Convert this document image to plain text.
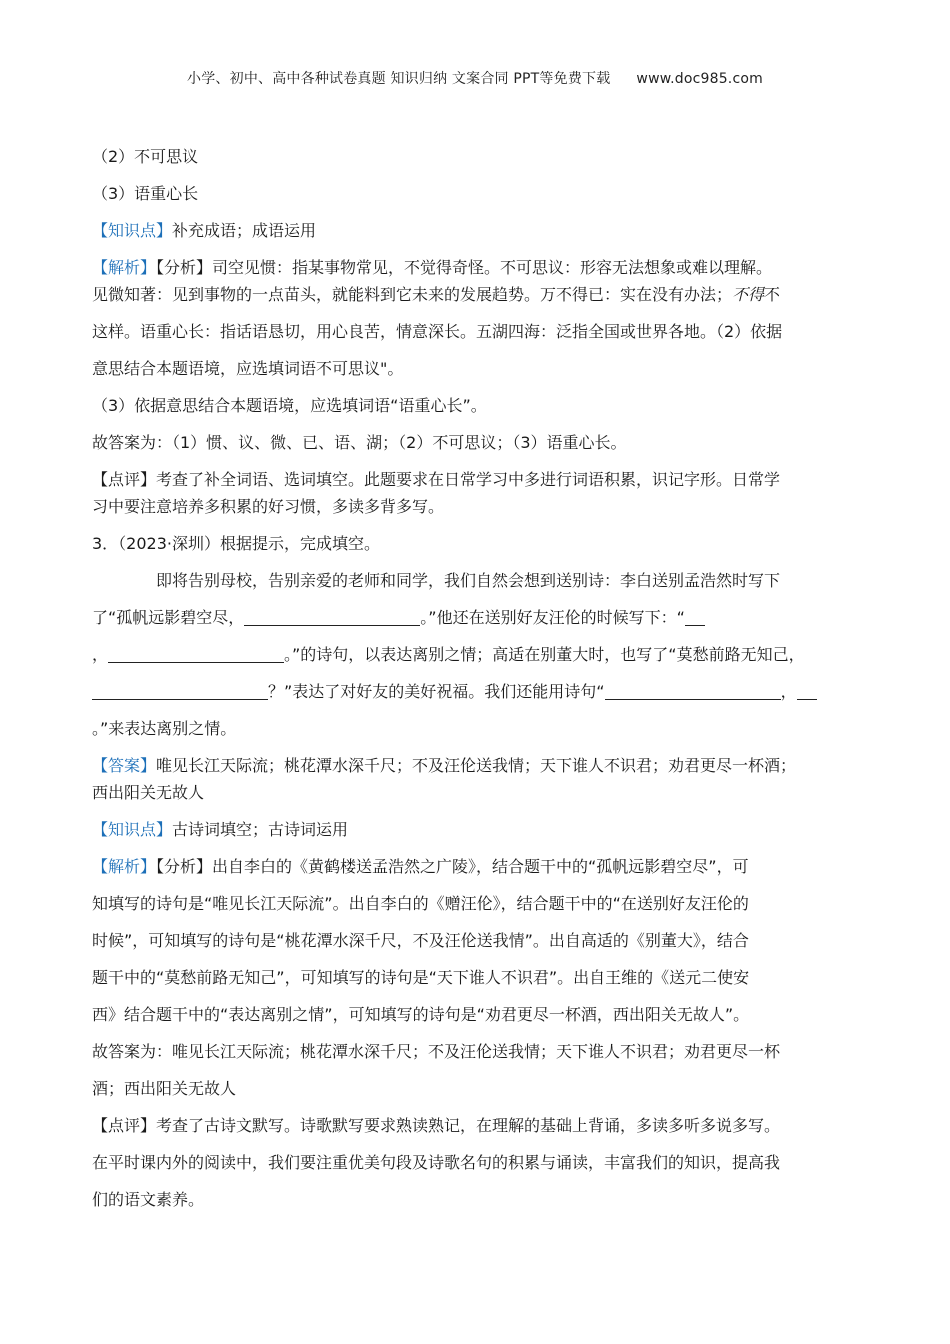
小学、初中、高中各种试卷真题 知识归纳 文案合同 PPT等免费下载 www.doc985.com
（2）不可思议
（3）语重心长
【知识点】补充成语；成语运用
【解析】【分析】司空见惯：指某事物常见，不觉得奇怪。不可思议：形容无法想象或难以理解。
见微知著：见到事物的一点苗头，就能料到它未来的发展趋势。万不得已：实在没有办法；不得不
这样。语重心长：指话语恳切，用心良苦，情意深长。五湖四海：泛指全国或世界各地。（2）依据
意思结合本题语境，应选填词语不可思议"。
（3）依据意思结合本题语境，应选填词语“语重心长”。
故答案为：（1）惯、议、微、已、语、湖；（2）不可思议；（3）语重心长。
【点评】考查了补全词语、选词填空。此题要求在日常学习中多进行词语积累，识记字形。日常学
习中要注意培养多积累的好习惯，多读多背多写。
3．（2023·深圳）根据提示，完成填空。
即将告别母校，告别亲爱的老师和同学，我们自然会想到送别诗：李白送别孟浩然时写下
了“孤帆远影碧空尽，	。”他还在送别好友汪伦的时候写下：“
，	。”的诗句，以表达离别之情；高适在别董大时，也写了“莫愁前路无知己，
？”表达了对好友的美好祝福。我们还能用诗句“	，
。”来表达离别之情。
【答案】唯见长江天际流；桃花潭水深千尺；不及汪伦送我情；天下谁人不识君；劝君更尽一杯酒；
西出阳关无故人
【知识点】古诗词填空；古诗词运用
【解析】【分析】出自李白的《黄鹤楼送孟浩然之广陵》，结合题干中的“孤帆远影碧空尽”，可
知填写的诗句是“唯见长江天际流”。出自李白的《赠汪伦》，结合题干中的“在送别好友汪伦的
时候”，可知填写的诗句是“桃花潭水深千尺，不及汪伦送我情”。出自高适的《别董大》，结合
题干中的“莫愁前路无知己”，可知填写的诗句是“天下谁人不识君”。出自王维的《送元二使安
西》结合题干中的“表达离别之情”，可知填写的诗句是“劝君更尽一杯酒，西出阳关无故人”。
故答案为：唯见长江天际流；桃花潭水深千尺；不及汪伦送我情；天下谁人不识君；劝君更尽一杯
酒；西出阳关无故人
【点评】考查了古诗文默写。诗歌默写要求熟读熟记，在理解的基础上背诵，多读多听多说多写。
在平时课内外的阅读中，我们要注重优美句段及诗歌名句的积累与诵读，丰富我们的知识，提高我
们的语文素养。
